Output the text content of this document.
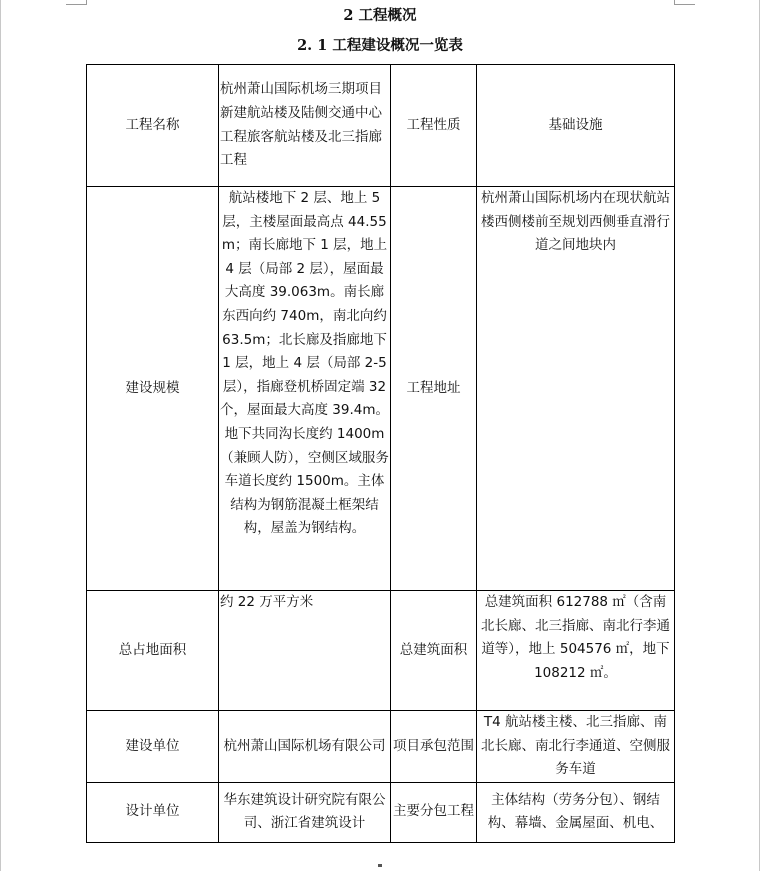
2 工程概况
2. 1 工程建设概况一览表
工程名称	杭州萧山国际机场三期项目新建航站楼及陆侧交通中心工程旅客航站楼及北三指廊工程	工程性质	基础设施
建设规模	航站楼地下 2 层、地上 5 层，主楼屋面最高点 44.55m；南长廊地下 1 层，地上 4 层（局部 2 层），屋面最大高度 39.063m。南长廊东西向约 740m，南北向约 63.5m；北长廊及指廊地下 1 层，地上 4 层（局部 2-5 层），指廊登机桥固定端 32 个，屋面最大高度 39.4m。地下共同沟长度约 1400m（兼顾人防），空侧区域服务车道长度约 1500m。主体结构为钢筋混凝土框架结构，屋盖为钢结构。	工程地址	杭州萧山国际机场内在现状航站楼西侧楼前至规划西侧垂直滑行道之间地块内
总占地面积	约 22 万平方米	总建筑面积	总建筑面积 612788 ㎡（含南北长廊、北三指廊、南北行李通道等），地上 504576 ㎡，地下 108212 ㎡。
建设单位	杭州萧山国际机场有限公司	项目承包范围	T4 航站楼主楼、北三指廊、南北长廊、南北行李通道、空侧服务车道
设计单位	华东建筑设计研究院有限公司、浙江省建筑设计	主要分包工程	主体结构（劳务分包）、钢结构、幕墙、金属屋面、机电、
